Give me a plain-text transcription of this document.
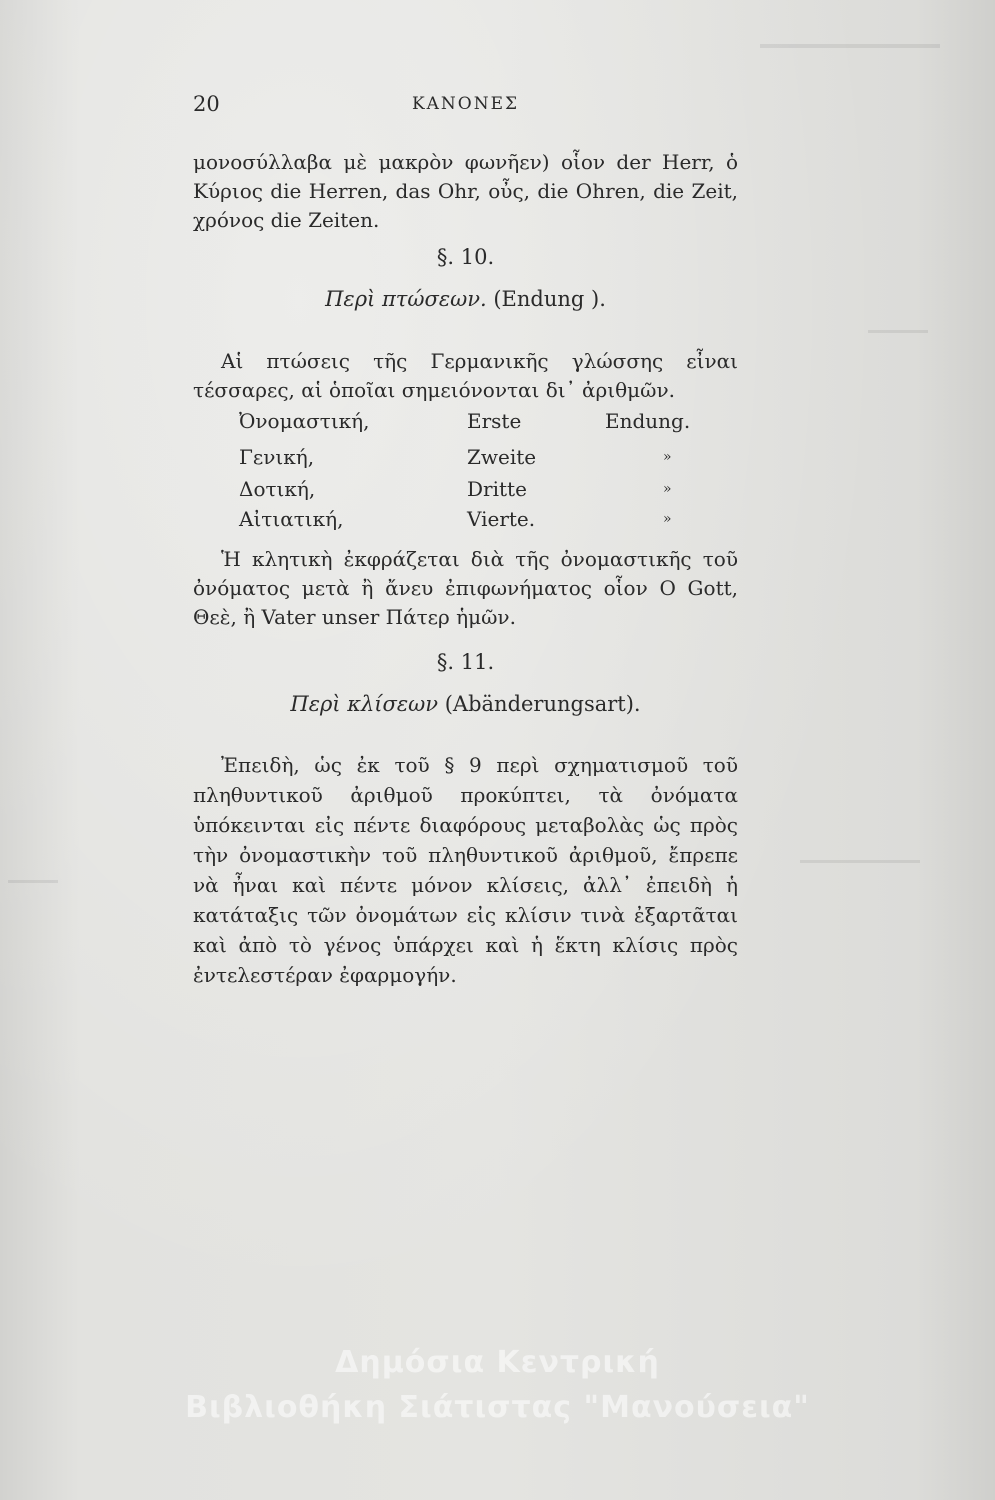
20	ΚΑΝΟΝΕΣ

μονοσύλλαβα μὲ μακρὸν φωνῆεν) οἷον der Herr, ὁ Κύριος die Herren, das Ohr, οὖς, die Ohren, die Zeit, χρόνος die Zeiten.

§. 10.

Περὶ πτώσεων. (Endung ).

Αἱ πτώσεις τῆς Γερμανικῆς γλώσσης εἶναι τέσσαρες, αἱ ὁποῖαι σημειόνονται δι᾽ ἀριθμῶν.

Ὀνομαστική,	Erste	Endung.
Γενική,	Zweite	»
Δοτική,	Dritte	»
Αἰτιατική,	Vierte.	»

Ἡ κλητικὴ ἐκφράζεται διὰ τῆς ὀνομαστικῆς τοῦ ὀνόματος μετὰ ἢ ἄνευ ἐπιφωνήματος οἷον O Gott, Θεὲ, ἢ Vater unser Πάτερ ἡμῶν.

§. 11.

Περὶ κλίσεων (Abänderungsart).

Ἐπειδὴ, ὡς ἐκ τοῦ § 9 περὶ σχηματισμοῦ τοῦ πληθυντικοῦ ἀριθμοῦ προκύπτει, τὰ ὀνόματα ὑπόκεινται εἰς πέντε διαφόρους μεταβολὰς ὡς πρὸς τὴν ὀνομαστικὴν τοῦ πληθυντικοῦ ἀριθμοῦ, ἔπρεπε νὰ ἦναι καὶ πέντε μόνον κλίσεις, ἀλλ᾽ ἐπειδὴ ἡ κατάταξις τῶν ὀνομάτων εἰς κλίσιν τινὰ ἐξαρτᾶται καὶ ἀπὸ τὸ γένος ὑπάρχει καὶ ἡ ἕκτη κλίσις πρὸς ἐντελεστέραν ἐφαρμογήν.

Δημόσια Κεντρική
Βιβλιοθήκη Σιάτιστας "Μανούσεια"
